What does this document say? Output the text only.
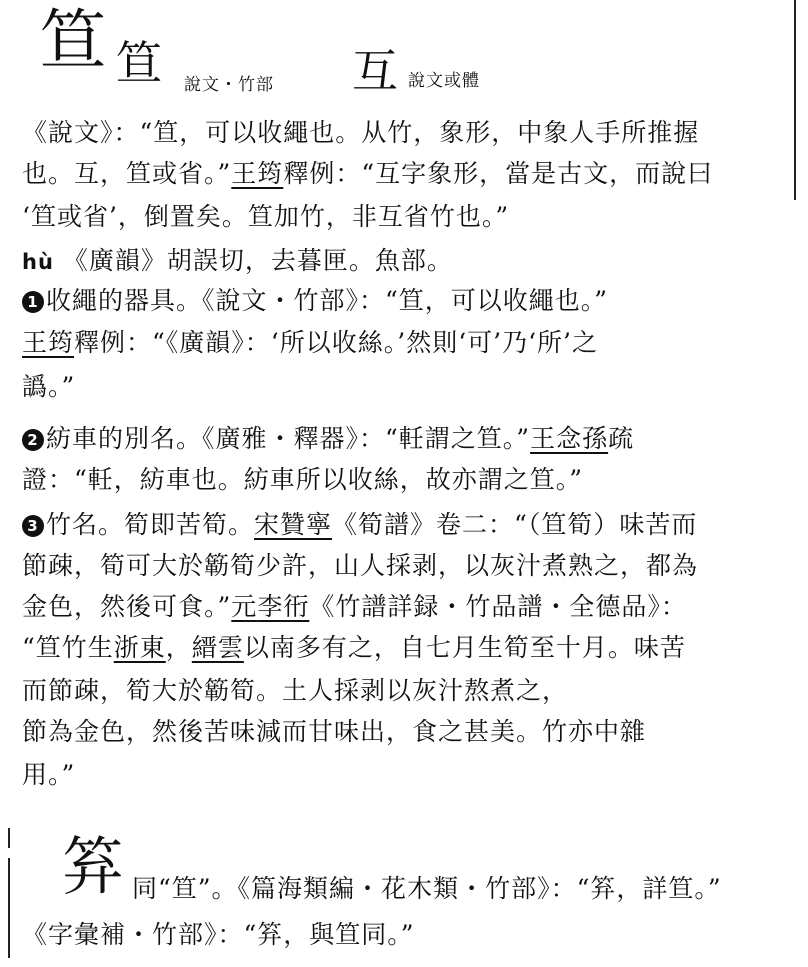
笪 笪 說文・竹部 互 說文或體
《說文》：“笪，可以收繩也。从竹，象形，中象人手所推握
也。互，笪或省。”王筠釋例：“互字象形，當是古文，而說曰
‘笪或省’，倒置矣。笪加竹，非互省竹也。”
hù 《廣韻》胡誤切，去暮匣。魚部。
1 收繩的器具。《說文・竹部》：“笪，可以收繩也。”
王筠釋例：“《廣韻》：‘所以收絲。’然則‘可’乃‘所’之
譌。”
2 紡車的別名。《廣雅・釋器》：“軠謂之笪。”王念孫疏
證：“軠，紡車也。紡車所以收絲，故亦謂之笪。”
3 竹名。筍即苦筍。宋贊寧《筍譜》卷二：“（笪筍）味苦而
節疎，筍可大於簕筍少許，山人採剥，以灰汁煮熟之，都為
金色，然後可食。”元李衎《竹譜詳録・竹品譜・全德品》：
“笪竹生浙東，縉雲以南多有之，自七月生筍至十月。味苦
而節疎，筍大於簕筍。土人採剥以灰汁熬煮之，
節為金色，然後苦味減而甘味出，食之甚美。竹亦中雜
用。”
笲 同“笪”。《篇海類編・花木類・竹部》：“笲，詳笪。”
《字彙補・竹部》：“笲，與笪同。”
